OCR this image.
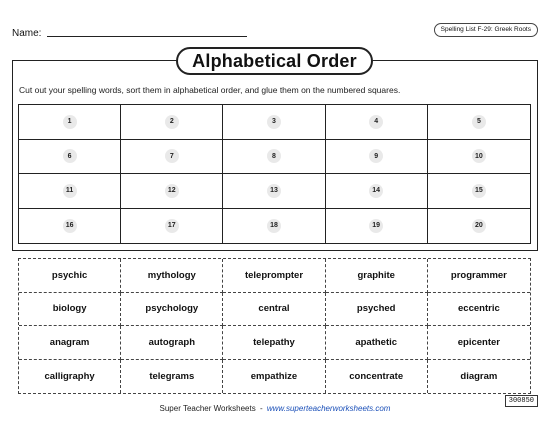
Name:	Spelling List F-29: Greek Roots
Alphabetical Order
Cut out your spelling words, sort them in alphabetical order, and glue them on the numbered squares.
1	2	3	4	5
6	7	8	9	10
11	12	13	14	15
16	17	18	19	20
psychic	mythology	teleprompter	graphite	programmer
biology	psychology	central	psyched	eccentric
anagram	autograph	telepathy	apathetic	epicenter
calligraphy	telegrams	empathize	concentrate	diagram
300850
Super Teacher Worksheets - www.superteacherworksheets.com
